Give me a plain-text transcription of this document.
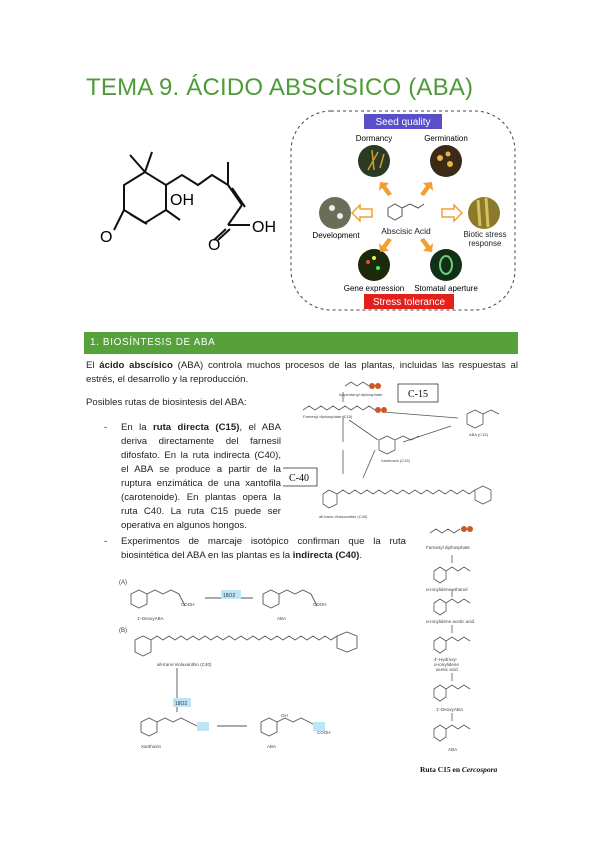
TEMA 9. ÁCIDO ABSCÍSICO (ABA)
OH
O	O
OH
Seed quality
Stress tolerance
Abscisic Acid
Dormancy	Germination
Development	Biotic stress response
Gene expression Stomatal aperture
1. BIOSÍNTESIS DE ABA
El ácido abscísico (ABA) controla muchos procesos de las plantas, incluidas las respuestas al estrés, el desarrollo y la reproducción.
Posibles rutas de biosintesis del ABA:
- En la ruta directa (C15), el ABA deriva directamente del farnesil difosfato. En la ruta indirecta (C40), el ABA se produce a partir de la ruptura enzimática de una xantofila (carotenoide). En plantas opera la ruta C40. La ruta C15 puede ser operativa en algunos hongos.
- Experimentos de marcaje isotópico confirman que la ruta biosintética del ABA en las plantas es la indirecta (C40).
C-15
C-40
Isopentenyl diphosphate
Farnesyl diphosphate (C15)
ABA (C15)
Xanthoxin (C15)
all-trans-Violaxanthin (C40)
(A)
(B)
18O2
18O2
1'-DeoxyABA	ABA
COOH	COOH
all-trans-Violaxanthin (C40)
Xanthoxin	ABA
OH
COOH
Farnesyl diphosphate
α-Ionylidene ethanol
α-Ionylidene acetic acid
4'-Hydroxy-
α-ionylidene
acetic acid
1'-DeoxyABA
ABA
Ruta C15 en Cercospora
